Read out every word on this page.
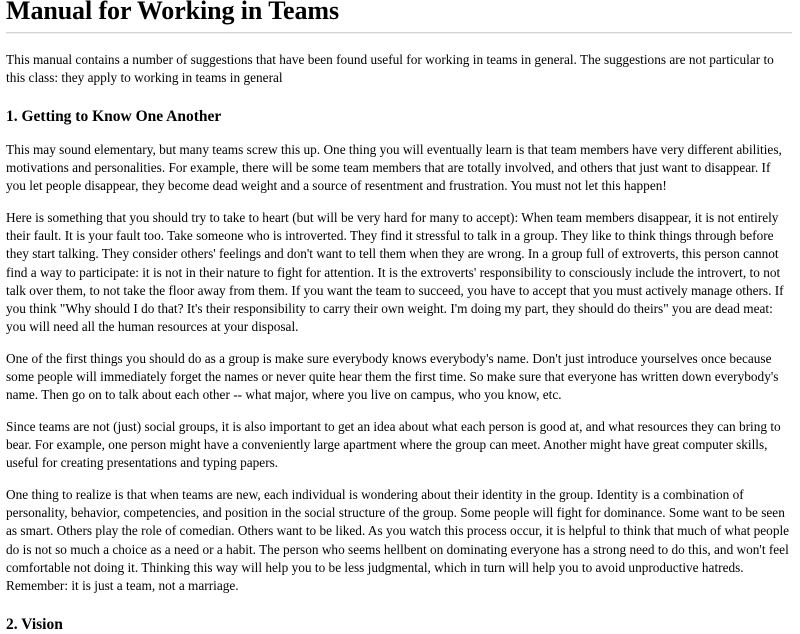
Manual for Working in Teams

This manual contains a number of suggestions that have been found useful for working in teams in general. The suggestions are not particular to this class: they apply to working in teams in general

1. Getting to Know One Another

This may sound elementary, but many teams screw this up. One thing you will eventually learn is that team members have very different abilities, motivations and personalities. For example, there will be some team members that are totally involved, and others that just want to disappear. If you let people disappear, they become dead weight and a source of resentment and frustration. You must not let this happen!

Here is something that you should try to take to heart (but will be very hard for many to accept): When team members disappear, it is not entirely their fault. It is your fault too. Take someone who is introverted. They find it stressful to talk in a group. They like to think things through before they start talking. They consider others' feelings and don't want to tell them when they are wrong. In a group full of extroverts, this person cannot find a way to participate: it is not in their nature to fight for attention. It is the extroverts' responsibility to consciously include the introvert, to not talk over them, to not take the floor away from them. If you want the team to succeed, you have to accept that you must actively manage others. If you think "Why should I do that? It's their responsibility to carry their own weight. I'm doing my part, they should do theirs" you are dead meat: you will need all the human resources at your disposal.

One of the first things you should do as a group is make sure everybody knows everybody's name. Don't just introduce yourselves once because some people will immediately forget the names or never quite hear them the first time. So make sure that everyone has written down everybody's name. Then go on to talk about each other -- what major, where you live on campus, who you know, etc.

Since teams are not (just) social groups, it is also important to get an idea about what each person is good at, and what resources they can bring to bear. For example, one person might have a conveniently large apartment where the group can meet. Another might have great computer skills, useful for creating presentations and typing papers.

One thing to realize is that when teams are new, each individual is wondering about their identity in the group. Identity is a combination of personality, behavior, competencies, and position in the social structure of the group. Some people will fight for dominance. Some want to be seen as smart. Others play the role of comedian. Others want to be liked. As you watch this process occur, it is helpful to think that much of what people do is not so much a choice as a need or a habit. The person who seems hellbent on dominating everyone has a strong need to do this, and won't feel comfortable not doing it. Thinking this way will help you to be less judgmental, which in turn will help you to avoid unproductive hatreds. Remember: it is just a team, not a marriage.

2. Vision
